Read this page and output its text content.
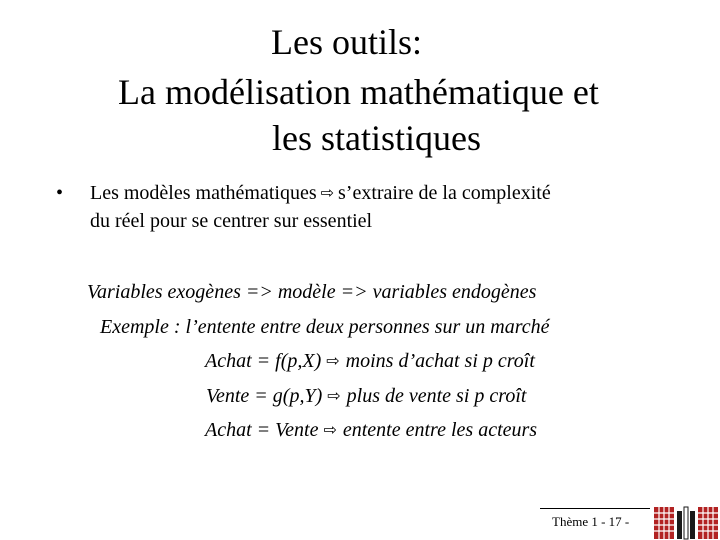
Les outils:
La modélisation mathématique et
les statistiques
• Les modèles mathématiques ⇨ s’extraire de la complexité
du réel pour se centrer sur essentiel
Variables exogènes => modèle => variables endogènes
Exemple : l’entente entre deux personnes sur un marché
Achat = f(p,X) ⇨ moins d’achat si p croît
Vente = g(p,Y) ⇨ plus de vente si p croît
Achat = Vente ⇨ entente entre les acteurs
Thème 1 - 17 -
